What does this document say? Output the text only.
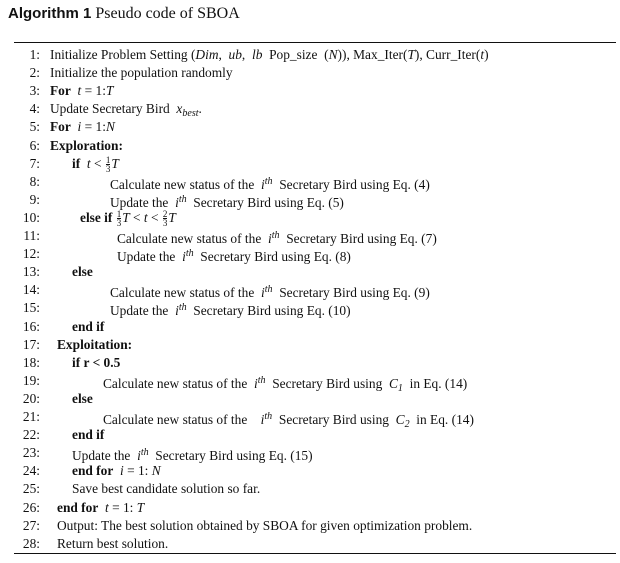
Algorithm 1 Pseudo code of SBOA
1: Initialize Problem Setting (Dim,  ub,  lb  Pop_size  (N)), Max_Iter(T), Curr_Iter(t)
2: Initialize the population randomly
3: For t = 1:T
4: Update Secretary Bird  $x_{best}$.
5: For i = 1:N
6: Exploration:
7: if $t < \frac{1}{3}$ T
8:	Calculate new status of the  $i^{th}$  Secretary Bird using Eq. (4)
9:	Update the  $i^{th}$  Secretary Bird using Eq. (5)
10:	else if $\frac{1}{3}$ $T < t < \frac{2}{3}$ T
11:	Calculate new status of the  $i^{th}$  Secretary Bird using Eq. (7)
12:	Update the  $i^{th}$  Secretary Bird using Eq. (8)
13: else
14:	Calculate new status of the  $i^{th}$  Secretary Bird using Eq. (9)
15:	Update the  $i^{th}$  Secretary Bird using Eq. (10)
16: end if
17: Exploitation:
18: if r < 0.5
19:	Calculate new status of the  $i^{th}$  Secretary Bird using  $C_1$  in Eq. (14)
20: else
21:	Calculate new status of the    $i^{th}$  Secretary Bird using  $C_2$  in Eq. (14)
22: end if
23: Update the  $i^{th}$  Secretary Bird using Eq. (15)
24: end for i = 1: N
25: Save best candidate solution so far.
26: end for t = 1: T
27: Output: The best solution obtained by SBOA for given optimization problem.
28: Return best solution.
